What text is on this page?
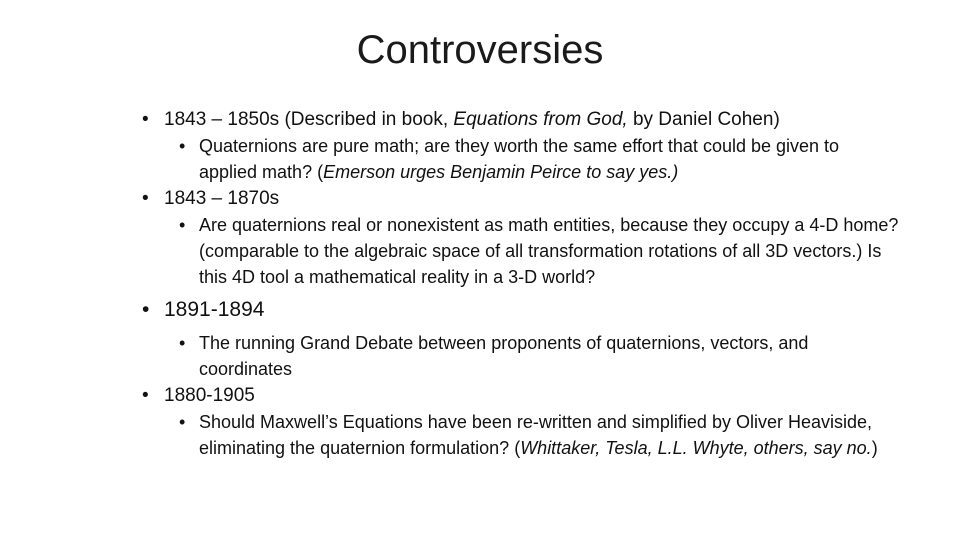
Controversies
• 1843 – 1850s (Described in book, Equations from God, by Daniel Cohen)
• Quaternions are pure math; are they worth the same effort that could be given to applied math? (Emerson urges Benjamin Peirce to say yes.)
• 1843 – 1870s
• Are quaternions real or nonexistent as math entities, because they occupy a 4-D home? (comparable to the algebraic space of all transformation rotations of all 3D vectors.) Is this 4D tool a mathematical reality in a 3-D world?
• 1891-1894
• The running Grand Debate between proponents of quaternions, vectors, and coordinates
• 1880-1905
• Should Maxwell’s Equations have been re-written and simplified by Oliver Heaviside, eliminating the quaternion formulation? (Whittaker, Tesla, L.L. Whyte, others, say no.)
